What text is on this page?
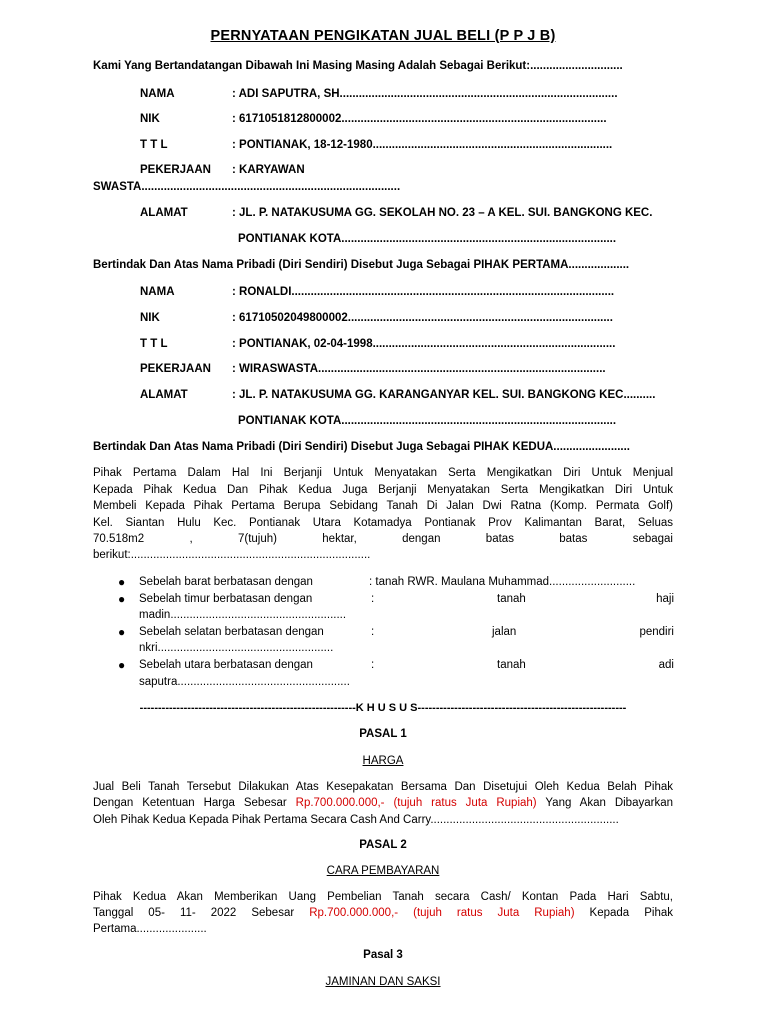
PERNYATAAN PENGIKATAN JUAL BELI (P P J B)
Kami Yang Bertandatangan Dibawah Ini Masing Masing Adalah Sebagai Berikut:.............................
NAMA	: ADI SAPUTRA, SH.......................................................................................
NIK	: 6171051812800002...................................................................................
T T L	: PONTIANAK, 18-12-1980...........................................................................
PEKERJAAN : KARYAWAN
SWASTA.................................................................................
ALAMAT	: JL. P. NATAKUSUMA GG. SEKOLAH NO. 23 – A KEL. SUI. BANGKONG KEC.
PONTIANAK KOTA......................................................................................
Bertindak Dan Atas Nama Pribadi (Diri Sendiri) Disebut Juga Sebagai PIHAK PERTAMA...................
NAMA	: RONALDI.....................................................................................................
NIK	: 61710502049800002...................................................................................
T T L	: PONTIANAK, 02-04-1998............................................................................
PEKERJAAN : WIRASWASTA..........................................................................................
ALAMAT	: JL. P. NATAKUSUMA GG. KARANGANYAR KEL. SUI. BANGKONG KEC..........
PONTIANAK KOTA......................................................................................
Bertindak Dan Atas Nama Pribadi (Diri Sendiri) Disebut Juga Sebagai PIHAK KEDUA........................
Pihak Pertama Dalam Hal Ini Berjanji Untuk Menyatakan Serta Mengikatkan Diri Untuk Menjual
Kepada Pihak Kedua Dan Pihak Kedua Juga Berjanji Menyatakan Serta Mengikatkan Diri Untuk
Membeli Kepada Pihak Pertama Berupa Sebidang Tanah Di Jalan Dwi Ratna (Komp. Permata Golf)
Kel. Siantan Hulu Kec. Pontianak Utara Kotamadya Pontianak Prov Kalimantan Barat, Seluas
70.518m2 , 7(tujuh) hektar, dengan batas batas sebagai
berikut:...........................................................................
● Sebelah barat berbatasan dengan	: tanah RWR. Maulana Muhammad...........................
● Sebelah timur berbatasan dengan	:	tanah	haji
madin.......................................................
● Sebelah selatan berbatasan dengan	:	jalan	pendiri
nkri.......................................................
● Sebelah utara berbatasan dengan	:	tanah	adi
saputra......................................................
-----------------------------------------------------------K H U S U S---------------------------------------------------------
PASAL 1
HARGA
Jual Beli Tanah Tersebut Dilakukan Atas Kesepakatan Bersama Dan Disetujui Oleh Kedua Belah Pihak
Dengan Ketentuan Harga Sebesar Rp.700.000.000,- (tujuh ratus Juta Rupiah) Yang Akan Dibayarkan
Oleh Pihak Kedua Kepada Pihak Pertama Secara Cash And Carry...........................................................
PASAL 2
CARA PEMBAYARAN
Pihak Kedua Akan Memberikan Uang Pembelian Tanah secara Cash/ Kontan Pada Hari Sabtu,
Tanggal 05- 11- 2022 Sebesar Rp.700.000.000,- (tujuh ratus Juta Rupiah) Kepada Pihak
Pertama......................
Pasal 3
JAMINAN DAN SAKSI
